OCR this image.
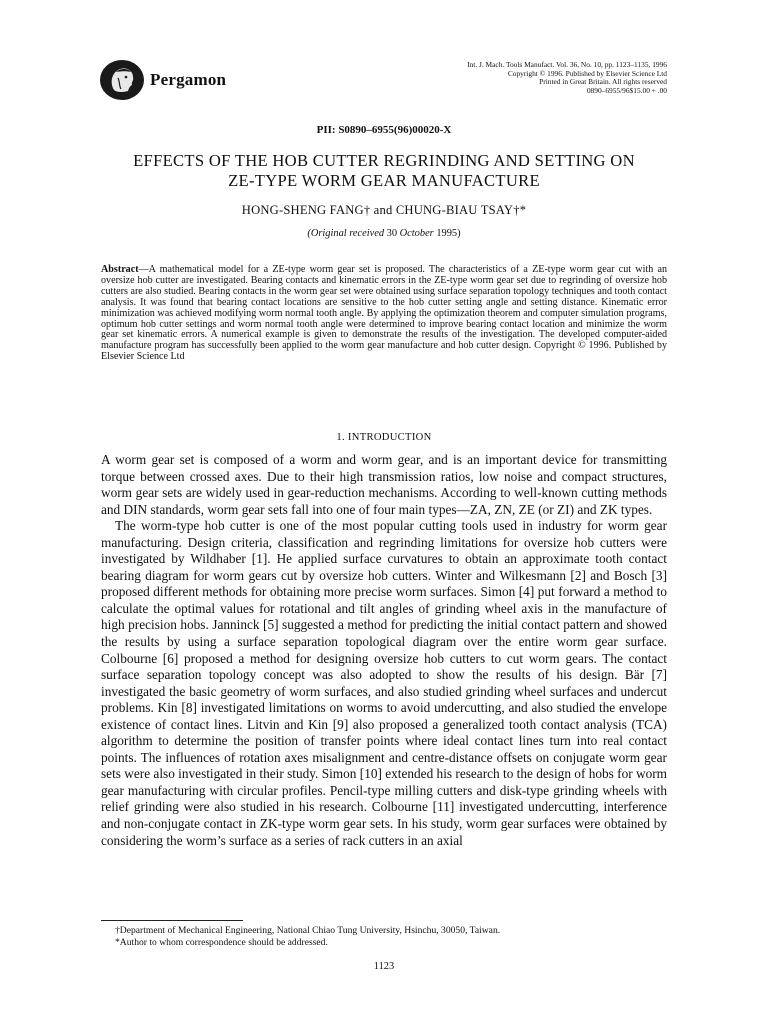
Pergamon
Int. J. Mach. Tools Manufact. Vol. 36, No. 10, pp. 1123–1135, 1996
Copyright © 1996. Published by Elsevier Science Ltd
Printed in Great Britain. All rights reserved
0890–6955/96$15.00 + .00
PII: S0890–6955(96)00020-X
EFFECTS OF THE HOB CUTTER REGRINDING AND SETTING ON
ZE-TYPE WORM GEAR MANUFACTURE
HONG-SHENG FANG† and CHUNG-BIAU TSAY†*
(Original received 30 October 1995)
Abstract—A mathematical model for a ZE-type worm gear set is proposed. The characteristics of a ZE-type worm gear cut with an oversize hob cutter are investigated. Bearing contacts and kinematic errors in the ZE-type worm gear set due to regrinding of oversize hob cutters are also studied. Bearing contacts in the worm gear set were obtained using surface separation topology techniques and tooth contact analysis. It was found that bearing contact locations are sensitive to the hob cutter setting angle and setting distance. Kinematic error minimization was achieved modifying worm normal tooth angle. By applying the optimization theorem and computer simulation programs, optimum hob cutter settings and worm normal tooth angle were determined to improve bearing contact location and minimize the worm gear set kinematic errors. A numerical example is given to demonstrate the results of the investigation. The developed computer-aided manufacture program has successfully been applied to the worm gear manufacture and hob cutter design. Copyright © 1996. Published by Elsevier Science Ltd
1. INTRODUCTION

A worm gear set is composed of a worm and worm gear, and is an important device for transmitting torque between crossed axes. Due to their high transmission ratios, low noise and compact structures, worm gear sets are widely used in gear-reduction mechanisms. According to well-known cutting methods and DIN standards, worm gear sets fall into one of four main types—ZA, ZN, ZE (or ZI) and ZK types.

The worm-type hob cutter is one of the most popular cutting tools used in industry for worm gear manufacturing. Design criteria, classification and regrinding limitations for oversize hob cutters were investigated by Wildhaber [1]. He applied surface curvatures to obtain an approximate tooth contact bearing diagram for worm gears cut by oversize hob cutters. Winter and Wilkesmann [2] and Bosch [3] proposed different methods for obtaining more precise worm surfaces. Simon [4] put forward a method to calculate the optimal values for rotational and tilt angles of grinding wheel axis in the manufacture of high precision hobs. Janninck [5] suggested a method for predicting the initial contact pattern and showed the results by using a surface separation topological diagram over the entire worm gear surface. Colbourne [6] proposed a method for designing oversize hob cutters to cut worm gears. The contact surface separation topology concept was also adopted to show the results of his design. Bär [7] investigated the basic geometry of worm surfaces, and also studied grinding wheel surfaces and undercut problems. Kin [8] investigated limitations on worms to avoid undercutting, and also studied the envelope existence of contact lines. Litvin and Kin [9] also proposed a generalized tooth contact analysis (TCA) algorithm to determine the position of transfer points where ideal contact lines turn into real contact points. The influences of rotation axes misalignment and centre-distance offsets on conjugate worm gear sets were also investigated in their study. Simon [10] extended his research to the design of hobs for worm gear manufacturing with circular profiles. Pencil-type milling cutters and disk-type grinding wheels with relief grinding were also studied in his research. Colbourne [11] investigated undercutting, interference and non-conjugate contact in ZK-type worm gear sets. In his study, worm gear surfaces were obtained by considering the worm’s surface as a series of rack cutters in an axial

†Department of Mechanical Engineering, National Chiao Tung University, Hsinchu, 30050, Taiwan.
*Author to whom correspondence should be addressed.
1123
